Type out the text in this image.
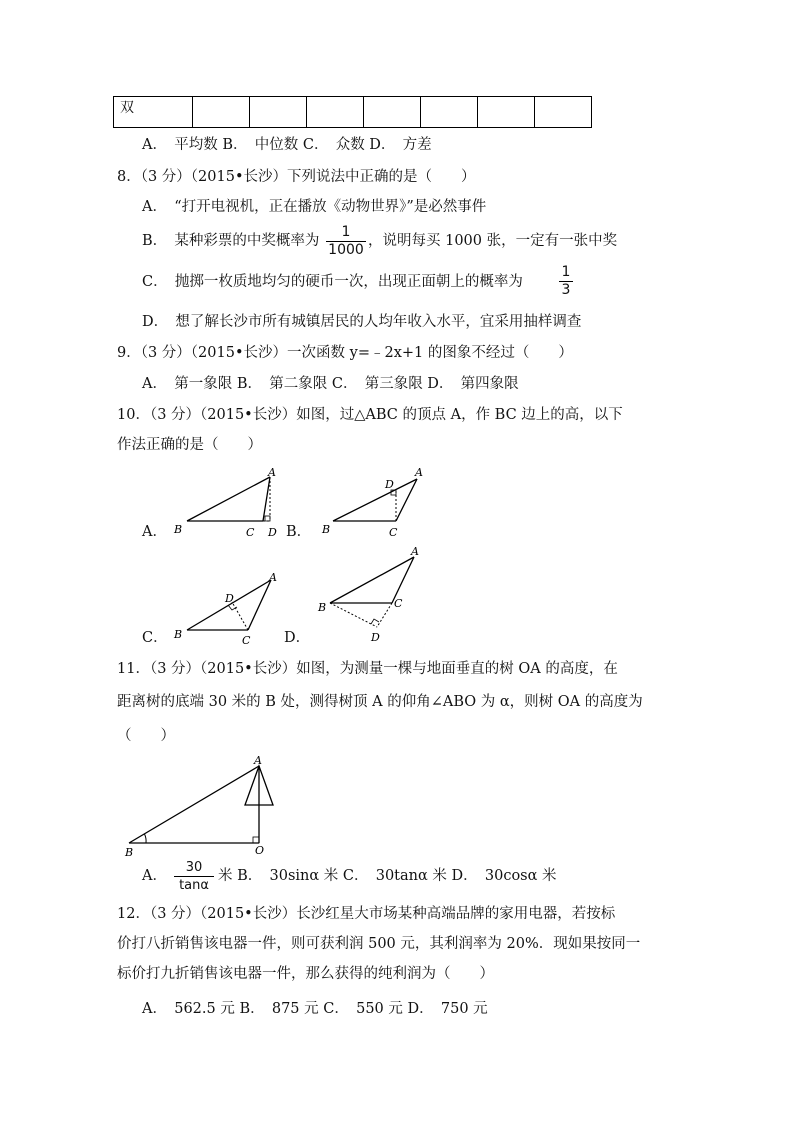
双							
A．　平均数 B．　中位数 C．　众数 D．　方差
8．（3 分）（2015•长沙）下列说法中正确的是（　　）
A．　“打开电视机，正在播放《动物世界》”是必然事件
B．　某种彩票的中奖概率为 $\frac{1}{1000}$ ，说明每买 1000 张，一定有一张中奖
C．　抛掷一枚质地均匀的硬币一次，出现正面朝上的概率为	$\frac{1}{3}$
D．　想了解长沙市所有城镇居民的人均年收入水平，宜采用抽样调查
9．（3 分）（2015•长沙）一次函数 y=﹣2x+1 的图象不经过（　　）
A．　第一象限 B．　第二象限 C．　第三象限 D．　第四象限
10．（3 分）（2015•长沙）如图，过△ABC 的顶点 A，作 BC 边上的高，以下
作法正确的是（　　）
B	C D
A
B	C
D
A
B	C
D
A
B	C
D
A
B	O
A
A．	B．
C．	D．
11．（3 分）（2015•长沙）如图，为测量一棵与地面垂直的树 OA 的高度，在
距离树的底端 30 米的 B 处，测得树顶 A 的仰角∠ABO 为 α，则树 OA 的高度为
（　　）
A． $\frac{30}{\tan\alpha}$ 米 B．　30sinα 米 C．　30tanα 米 D．　30cosα 米
12．（3 分）（2015•长沙）长沙红星大市场某种高端品牌的家用电器，若按标
价打八折销售该电器一件，则可获利润 500 元，其利润率为 20%．现如果按同一
标价打九折销售该电器一件，那么获得的纯利润为（　　）
A．　562.5 元 B．　875 元 C．　550 元 D．　750 元
